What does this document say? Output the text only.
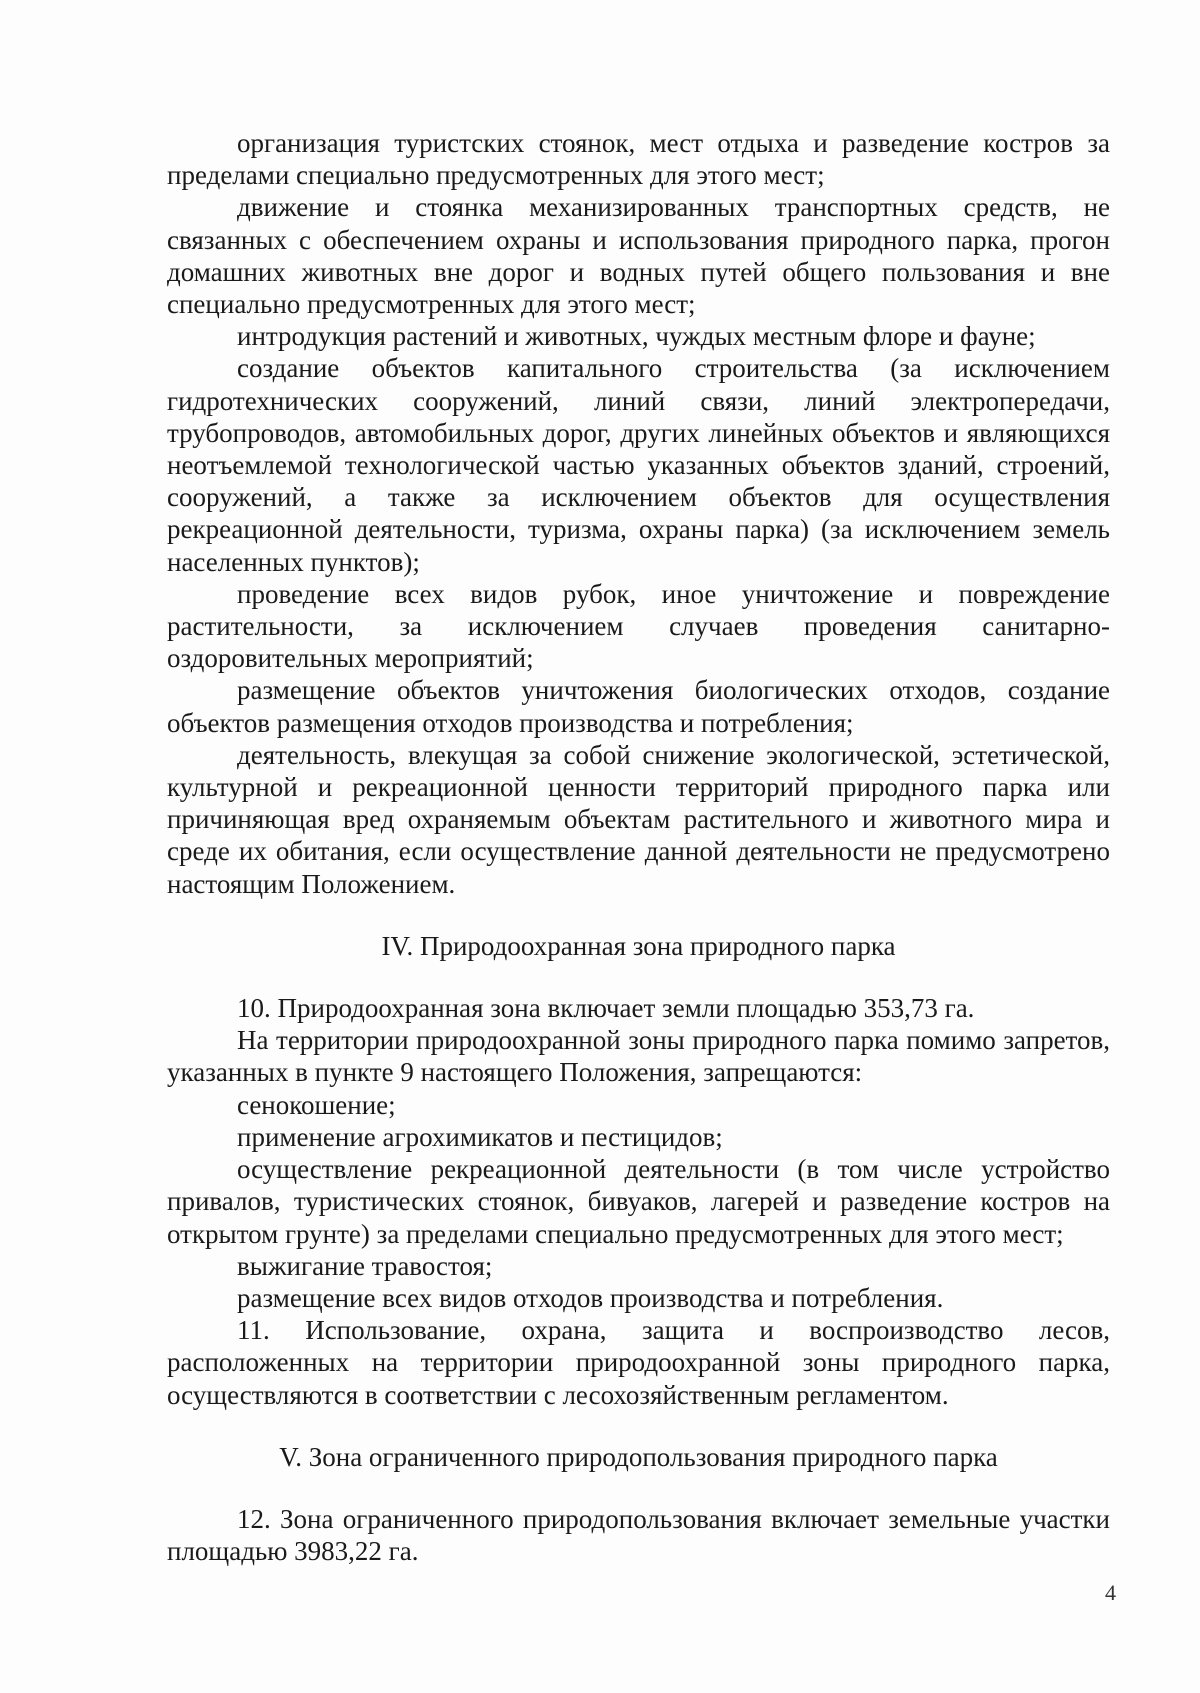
организация туристских стоянок, мест отдыха и разведение костров за пределами специально предусмотренных для этого мест;

движение и стоянка механизированных транспортных средств, не связанных с обеспечением охраны и использования природного парка, прогон домашних животных вне дорог и водных путей общего пользования и вне специально предусмотренных для этого мест;

интродукция растений и животных, чуждых местным флоре и фауне;

создание объектов капитального строительства (за исключением гидротехнических сооружений, линий связи, линий электропередачи, трубопроводов, автомобильных дорог, других линейных объектов и являющихся неотъемлемой технологической частью указанных объектов зданий, строений, сооружений, а также за исключением объектов для осуществления рекреационной деятельности, туризма, охраны парка) (за исключением земель населенных пунктов);

проведение всех видов рубок, иное уничтожение и повреждение растительности, за исключением случаев проведения санитарно-оздоровительных мероприятий;

размещение объектов уничтожения биологических отходов, создание объектов размещения отходов производства и потребления;

деятельность, влекущая за собой снижение экологической, эстетической, культурной и рекреационной ценности территорий природного парка или причиняющая вред охраняемым объектам растительного и животного мира и среде их обитания, если осуществление данной деятельности не предусмотрено настоящим Положением.

IV. Природоохранная зона природного парка

10. Природоохранная зона включает земли площадью 353,73 га.

На территории природоохранной зоны природного парка помимо запретов, указанных в пункте 9 настоящего Положения, запрещаются:

сенокошение;

применение агрохимикатов и пестицидов;

осуществление рекреационной деятельности (в том числе устройство привалов, туристических стоянок, бивуаков, лагерей и разведение костров на открытом грунте) за пределами специально предусмотренных для этого мест;

выжигание травостоя;

размещение всех видов отходов производства и потребления.

11. Использование, охрана, защита и воспроизводство лесов, расположенных на территории природоохранной зоны природного парка, осуществляются в соответствии с лесохозяйственным регламентом.

V. Зона ограниченного природопользования природного парка

12. Зона ограниченного природопользования включает земельные участки площадью 3983,22 га.

4
